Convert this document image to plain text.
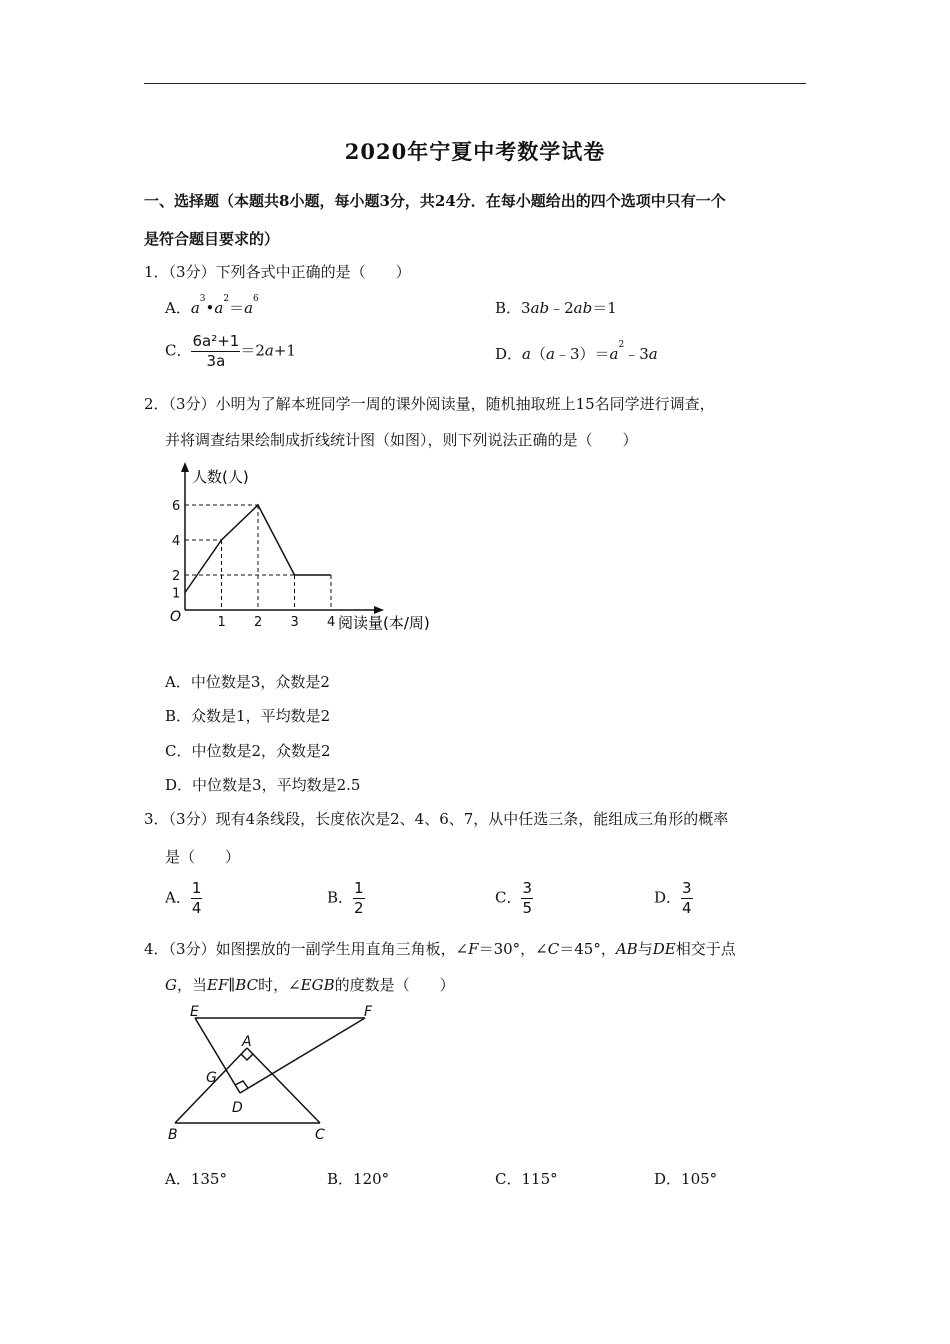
2020年宁夏中考数学试卷
一、选择题（本题共8小题，每小题3分，共24分．在每小题给出的四个选项中只有一个
是符合题目要求的）
1．（3分）下列各式中正确的是（　　）
A．$a^3•a^2=a^6$	B．3ab﹣2ab＝1
C． $\frac{\text{6a²+1}}{3a} =2a+1$	D．$a(a﹣3)=a^2﹣3a$
2．（3分）小明为了解本班同学一周的课外阅读量，随机抽取班上15名同学进行调查，
并将调查结果绘制成折线统计图（如图），则下列说法正确的是（　　）
人数(人)
阅读量(本/周)
O	1 2 3 4
1
2
4
6
A．中位数是3，众数是2
B．众数是1，平均数是2
C．中位数是2，众数是2
D．中位数是3，平均数是2.5
3．（3分）现有4条线段，长度依次是2、4、6、7，从中任选三条，能组成三角形的概率
是（　　）
A． $\frac{1}{4}$	B． $\frac{1}{2}$	C． $\frac{3}{5}$	D． $\frac{3}{4}$
4．（3分）如图摆放的一副学生用直角三角板，∠F＝30°，∠C＝45°，AB与DE相交于点
G，当EF∥BC时，∠EGB的度数是（　　）
E	F
A
G
D
B	C
A．135°	B．120°	C．115°	D．105°
